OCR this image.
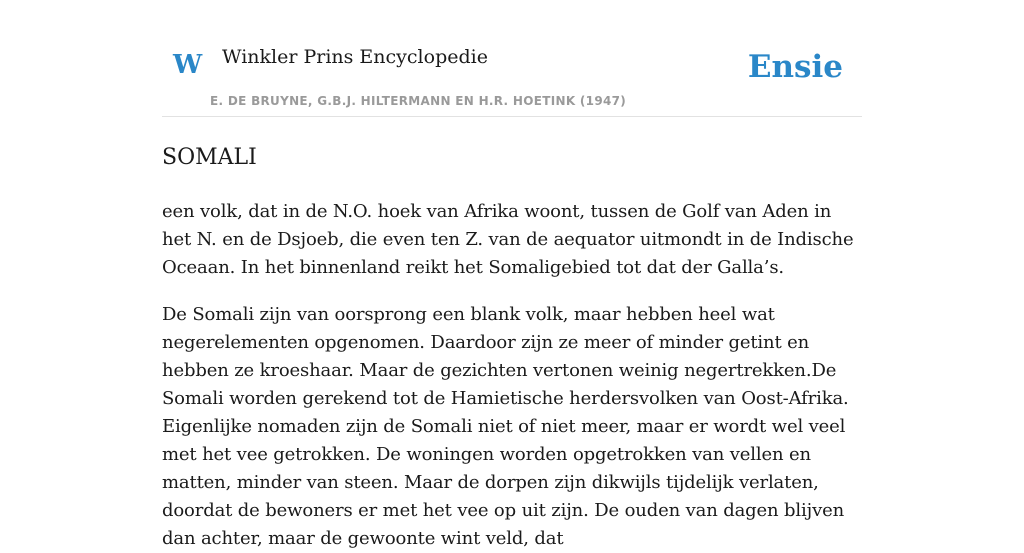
W Winkler Prins Encyclopedie
E. DE BRUYNE, G.B.J. HILTERMANN EN H.R. HOETINK (1947)
Ensie
SOMALI

een volk, dat in de N.O. hoek van Afrika woont, tussen de Golf van Aden in het N. en de Dsjoeb, die even ten Z. van de aequator uitmondt in de Indische Oceaan. In het binnenland reikt het Somaligebied tot dat der Galla’s.

De Somali zijn van oorsprong een blank volk, maar hebben heel wat negerelementen opgenomen. Daardoor zijn ze meer of minder getint en hebben ze kroeshaar. Maar de gezichten vertonen weinig negertrekken.De Somali worden gerekend tot de Hamietische herdersvolken van Oost-Afrika. Eigenlijke nomaden zijn de Somali niet of niet meer, maar er wordt wel veel met het vee getrokken. De woningen worden opgetrokken van vellen en matten, minder van steen. Maar de dorpen zijn dikwijls tijdelijk verlaten, doordat de bewoners er met het vee op uit zijn. De ouden van dagen blijven dan achter, maar de gewoonte wint veld, dat
